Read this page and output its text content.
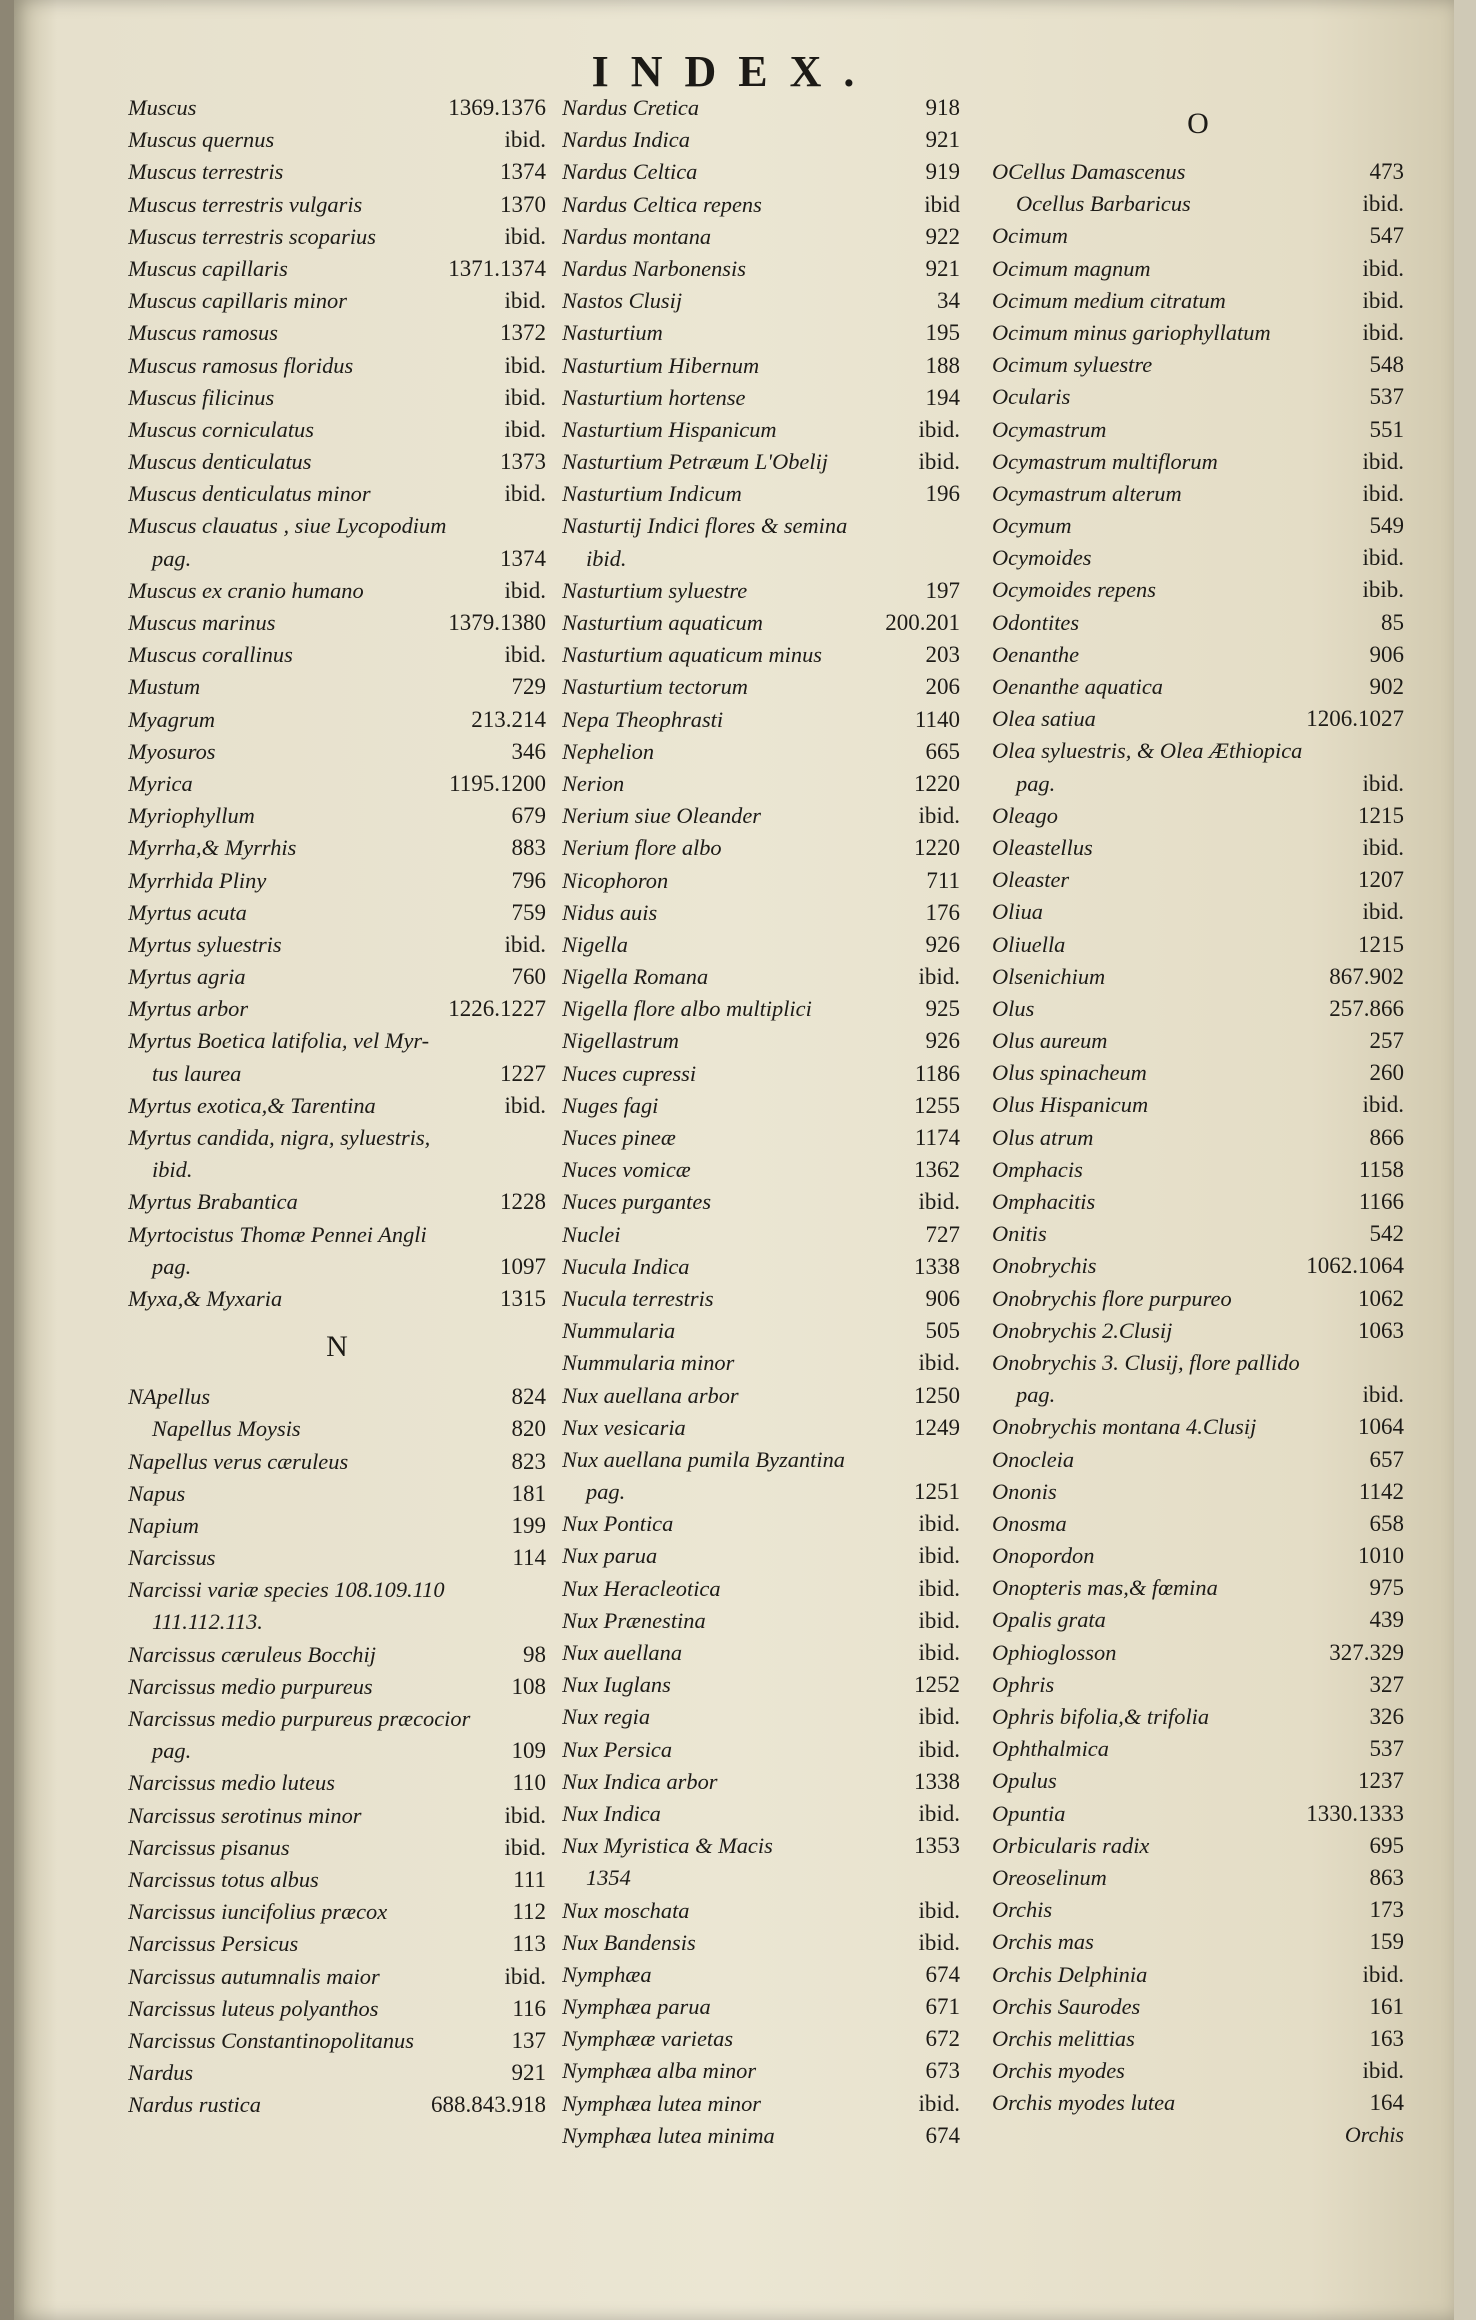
INDEX.
Muscus	1369.1376
Muscus quernus	ibid.
Muscus terrestris	1374
Muscus terrestris vulgaris	1370
Muscus terrestris scoparius	ibid.
Muscus capillaris	1371.1374
Muscus capillaris minor	ibid.
Muscus ramosus	1372
Muscus ramosus floridus	ibid.
Muscus filicinus	ibid.
Muscus corniculatus	ibid.
Muscus denticulatus	1373
Muscus denticulatus minor	ibid.
Muscus clauatus , siue Lycopodium
pag.	1374
Muscus ex cranio humano	ibid.
Muscus marinus	1379.1380
Muscus corallinus	ibid.
Mustum	729
Myagrum	213.214
Myosuros	346
Myrica	1195.1200
Myriophyllum	679
Myrrha,& Myrrhis	883
Myrrhida Pliny	796
Myrtus acuta	759
Myrtus syluestris	ibid.
Myrtus agria	760
Myrtus arbor	1226.1227
Myrtus Boetica latifolia, vel Myr-
tus laurea	1227
Myrtus exotica,& Tarentina	ibid.
Myrtus candida, nigra, syluestris,
ibid.
Myrtus Brabantica	1228
Myrtocistus Thomæ Pennei Angli
pag.	1097
Myxa,& Myxaria	1315
N
NApellus	824
Napellus Moysis	820
Napellus verus cæruleus	823
Napus	181
Napium	199
Narcissus	114
Narcissi variæ species 108.109.110
111.112.113.
Narcissus cæruleus Bocchij	98
Narcissus medio purpureus	108
Narcissus medio purpureus præcocior
pag.	109
Narcissus medio luteus	110
Narcissus serotinus minor	ibid.
Narcissus pisanus	ibid.
Narcissus totus albus	111
Narcissus iuncifolius præcox	112
Narcissus Persicus	113
Narcissus autumnalis maior	ibid.
Narcissus luteus polyanthos	116
Narcissus Constantinopolitanus	137
Nardus	921
Nardus rustica	688.843.918
Nardus Cretica	918
Nardus Indica	921
Nardus Celtica	919
Nardus Celtica repens	ibid
Nardus montana	922
Nardus Narbonensis	921
Nastos Clusij	34
Nasturtium	195
Nasturtium Hibernum	188
Nasturtium hortense	194
Nasturtium Hispanicum	ibid.
Nasturtium Petræum L'Obelij	ibid.
Nasturtium Indicum	196
Nasturtij Indici flores & semina
ibid.
Nasturtium syluestre	197
Nasturtium aquaticum	200.201
Nasturtium aquaticum minus	203
Nasturtium tectorum	206
Nepa Theophrasti	1140
Nephelion	665
Nerion	1220
Nerium siue Oleander	ibid.
Nerium flore albo	1220
Nicophoron	711
Nidus auis	176
Nigella	926
Nigella Romana	ibid.
Nigella flore albo multiplici	925
Nigellastrum	926
Nuces cupressi	1186
Nuges fagi	1255
Nuces pineæ	1174
Nuces vomicæ	1362
Nuces purgantes	ibid.
Nuclei	727
Nucula Indica	1338
Nucula terrestris	906
Nummularia	505
Nummularia minor	ibid.
Nux auellana arbor	1250
Nux vesicaria	1249
Nux auellana pumila Byzantina
pag.	1251
Nux Pontica	ibid.
Nux parua	ibid.
Nux Heracleotica	ibid.
Nux Prænestina	ibid.
Nux auellana	ibid.
Nux Iuglans	1252
Nux regia	ibid.
Nux Persica	ibid.
Nux Indica arbor	1338
Nux Indica	ibid.
Nux Myristica & Macis	1353
1354
Nux moschata	ibid.
Nux Bandensis	ibid.
Nymphæa	674
Nymphæa parua	671
Nymphææ varietas	672
Nymphæa alba minor	673
Nymphæa lutea minor	ibid.
Nymphæa lutea minima	674
O
OCellus Damascenus	473
Ocellus Barbaricus	ibid.
Ocimum	547
Ocimum magnum	ibid.
Ocimum medium citratum	ibid.
Ocimum minus gariophyllatum	ibid.
Ocimum syluestre	548
Ocularis	537
Ocymastrum	551
Ocymastrum multiflorum	ibid.
Ocymastrum alterum	ibid.
Ocymum	549
Ocymoides	ibid.
Ocymoides repens	ibib.
Odontites	85
Oenanthe	906
Oenanthe aquatica	902
Olea satiua	1206.1027
Olea syluestris, & Olea Æthiopica
pag.	ibid.
Oleago	1215
Oleastellus	ibid.
Oleaster	1207
Oliua	ibid.
Oliuella	1215
Olsenichium	867.902
Olus	257.866
Olus aureum	257
Olus spinacheum	260
Olus Hispanicum	ibid.
Olus atrum	866
Omphacis	1158
Omphacitis	1166
Onitis	542
Onobrychis	1062.1064
Onobrychis flore purpureo	1062
Onobrychis 2.Clusij	1063
Onobrychis 3. Clusij, flore pallido
pag.	ibid.
Onobrychis montana 4.Clusij	1064
Onocleia	657
Ononis	1142
Onosma	658
Onopordon	1010
Onopteris mas,& fœmina	975
Opalis grata	439
Ophioglosson	327.329
Ophris	327
Ophris bifolia,& trifolia	326
Ophthalmica	537
Opulus	1237
Opuntia	1330.1333
Orbicularis radix	695
Oreoselinum	863
Orchis	173
Orchis mas	159
Orchis Delphinia	ibid.
Orchis Saurodes	161
Orchis melittias	163
Orchis myodes	ibid.
Orchis myodes lutea	164
Orchis
